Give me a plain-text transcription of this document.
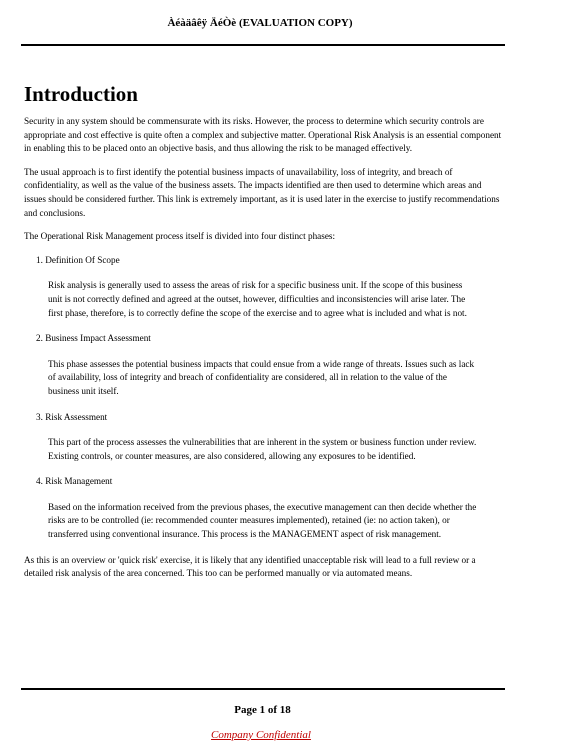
Àéàäâêÿ ÄéÒè (EVALUATION COPY)
Introduction

Security in any system should be commensurate with its risks. However, the process to determine which security controls are appropriate and cost effective is quite often a complex and subjective matter. Operational Risk Analysis is an essential component in enabling this to be placed onto an objective basis, and thus allowing the risk to be managed effectively.

The usual approach is to first identify the potential business impacts of unavailability, loss of integrity, and breach of confidentiality, as well as the value of the business assets. The impacts identified are then used to determine which areas and issues should be considered further. This link is extremely important, as it is used later in the exercise to justify recommendations and conclusions.

The Operational Risk Management process itself is divided into four distinct phases:

1. Definition Of Scope
Risk analysis is generally used to assess the areas of risk for a specific business unit. If the scope of this business unit is not correctly defined and agreed at the outset, however, difficulties and inconsistencies will arise later. The first phase, therefore, is to correctly define the scope of the exercise and to agree what is included and what is not.
2. Business Impact Assessment
This phase assesses the potential business impacts that could ensue from a wide range of threats. Issues such as lack of availability, loss of integrity and breach of confidentiality are considered, all in relation to the value of the business unit itself.
3. Risk Assessment
This part of the process assesses the vulnerabilities that are inherent in the system or business function under review. Existing controls, or counter measures, are also considered, allowing any exposures to be identified.
4. Risk Management
Based on the information received from the previous phases, the executive management can then decide whether the risks are to be controlled (ie: recommended counter measures implemented), retained (ie: no action taken), or transferred using conventional insurance. This process is the MANAGEMENT aspect of risk management.

As this is an overview or 'quick risk' exercise, it is likely that any identified unacceptable risk will lead to a full review or a detailed risk analysis of the area concerned. This too can be performed manually or via automated means.

Page 1 of 18
Company Confidential
